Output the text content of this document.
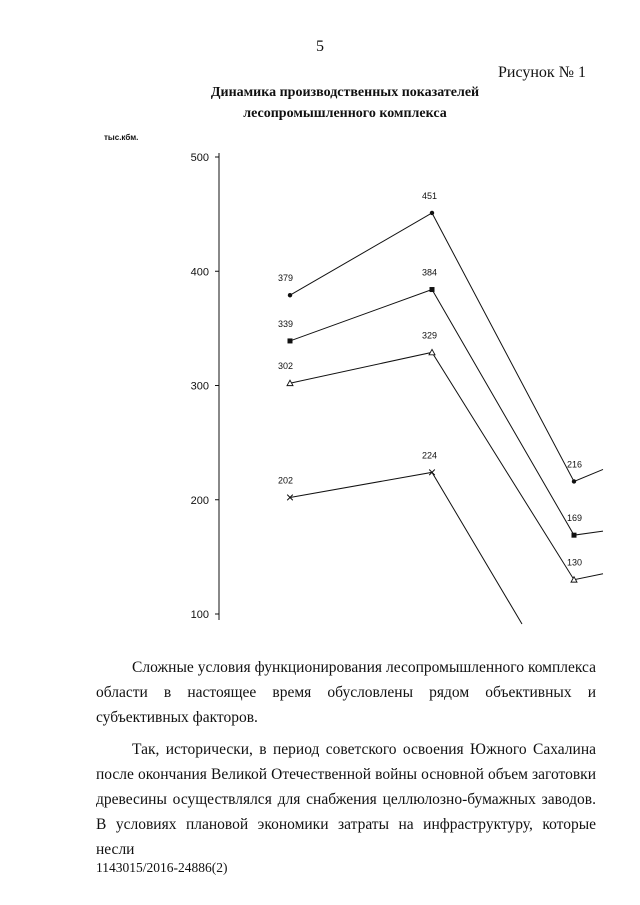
5
Рисунок № 1
Динамика производственных показателей
лесопромышленного комплекса
тыс.кбм.
100
200
300
400
500
379
451
216
339
384
169
302
329
130
202
224

Сложные условия функционирования лесопромышленного комплекса области в настоящее время обусловлены рядом объективных и субъективных факторов.

Так, исторически, в период советского освоения Южного Сахалина после окончания Великой Отечественной войны основной объем заготовки древесины осуществлялся для снабжения целлюлозно-бумажных заводов. В условиях плановой экономики затраты на инфраструктуру, которые несли

1143015/2016-24886(2)
